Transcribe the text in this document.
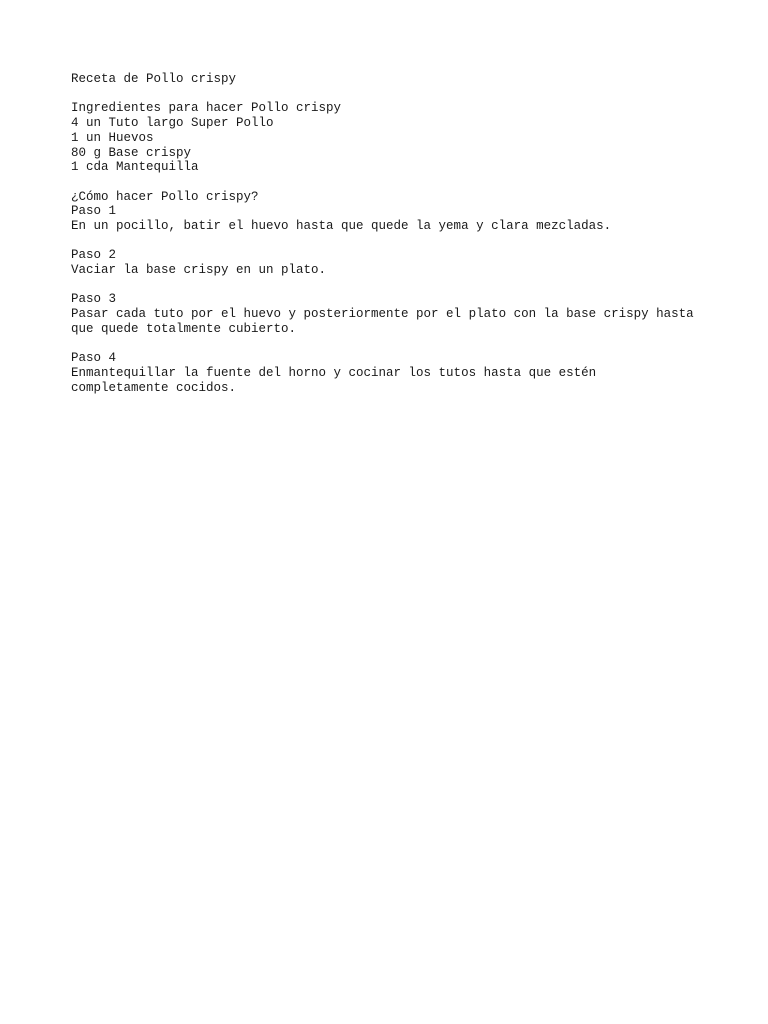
Receta de Pollo crispy
Ingredientes para hacer Pollo crispy
4 un Tuto largo Super Pollo
1 un Huevos
80 g Base crispy
1 cda Mantequilla
¿Cómo hacer Pollo crispy?
Paso 1
En un pocillo, batir el huevo hasta que quede la yema y clara mezcladas.
Paso 2
Vaciar la base crispy en un plato.
Paso 3
Pasar cada tuto por el huevo y posteriormente por el plato con la base crispy hasta
que quede totalmente cubierto.
Paso 4
Enmantequillar la fuente del horno y cocinar los tutos hasta que estén
completamente cocidos.
